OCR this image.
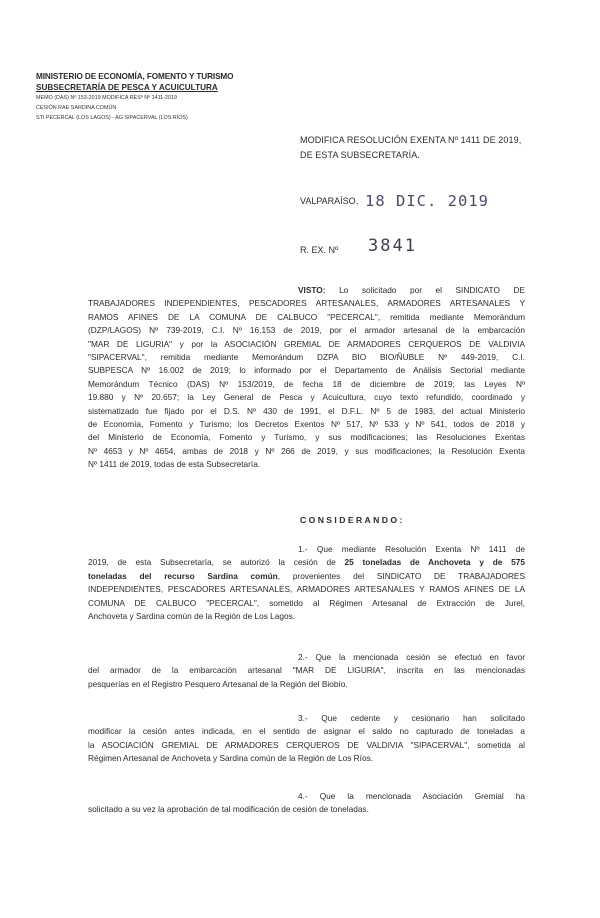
MINISTERIO DE ECONOMÍA, FOMENTO Y TURISMO
SUBSECRETARÍA DE PESCA Y ACUICULTURA
MEMO (DAS) Nº 153-2019 MODIFICA RESª Nº 1411-2019
CESIÓN RAE SARDINA COMÚN
STI PECERCAL (LOS LAGOS) - AG SIPACERVAL (LOS RÍOS)
MODIFICA RESOLUCIÓN EXENTA Nº 1411 DE 2019,
DE ESTA SUBSECRETARÍA.
VALPARAÍSO, 18 DIC. 2019
R. EX. Nº 3841
VISTO: Lo solicitado por el SINDICATO DE
TRABAJADORES INDEPENDIENTES, PESCADORES ARTESANALES, ARMADORES ARTESANALES Y
RAMOS AFINES DE LA COMUNA DE CALBUCO "PECERCAL", remitida mediante Memorándum
(DZP/LAGOS) Nº 739-2019, C.I. Nº 16.153 de 2019, por el armador artesanal de la embarcación
"MAR DE LIGURIA" y por la ASOCIACIÓN GREMIAL DE ARMADORES CERQUEROS DE VALDIVIA
"SIPACERVAL", remitida mediante Memorándum DZPA BIO BIO/ÑUBLE Nº 449-2019, C.I.
SUBPESCA Nº 16.002 de 2019; lo informado por el Departamento de Análisis Sectorial mediante
Memorándum Técnico (DAS) Nº 153/2019, de fecha 18 de diciembre de 2019; las Leyes Nº
19.880 y Nº 20.657; la Ley General de Pesca y Acuicultura, cuyo texto refundido, coordinado y
sistematizado fue fijado por el D.S. Nº 430 de 1991, el D.F.L. Nº 5 de 1983, del actual Ministerio
de Economía, Fomento y Turismo; los Decretos Exentos Nº 517, Nº 533 y Nº 541, todos de 2018 y
del Ministerio de Economía, Fomento y Turismo, y sus modificaciones; las Resoluciones Exentas
Nº 4653 y Nº 4654, ambas de 2018 y Nº 266 de 2019, y sus modificaciones; la Resolución Exenta
Nº 1411 de 2019, todas de esta Subsecretaría.
CONSIDERANDO:
1.- Que mediante Resolución Exenta Nº 1411 de
2019, de esta Subsecretaría, se autorizó la cesión de 25 toneladas de Anchoveta y de 575
toneladas del recurso Sardina común, provenientes del SINDICATO DE TRABAJADORES
INDEPENDIENTES, PESCADORES ARTESANALES, ARMADORES ARTESANALES Y RAMOS AFINES DE LA
COMUNA DE CALBUCO "PECERCAL", sometido al Régimen Artesanal de Extracción de Jurel,
Anchoveta y Sardina común de la Región de Los Lagos.
2.- Que la mencionada cesión se efectuó en favor
del armador de la embarcación artesanal "MAR DE LIGURIA", inscrita en las mencionadas
pesquerías en el Registro Pesquero Artesanal de la Región del Biobío.
3.- Que cedente y cesionario han solicitado
modificar la cesión antes indicada, en el sentido de asignar el saldo no capturado de toneladas a
la ASOCIACIÓN GREMIAL DE ARMADORES CERQUEROS DE VALDIVIA "SIPACERVAL", sometida al
Régimen Artesanal de Anchoveta y Sardina común de la Región de Los Ríos.
4.- Que la mencionada Asociación Gremial ha
solicitado a su vez la aprobación de tal modificación de cesión de toneladas.
